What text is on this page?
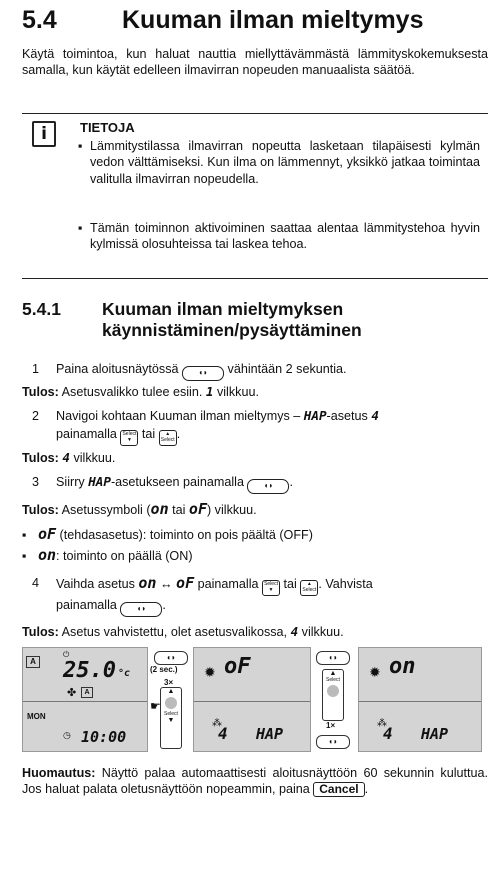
5.4	Kuuman ilman mieltymys
Käytä toimintoa, kun haluat nauttia miellyttävämmästä lämmityskokemuksesta samalla, kun käytät edelleen ilmavirran nopeuden manuaalista säätöä.
i	TIETOJA
▪ Lämmitystilassa ilmavirran nopeutta lasketaan tilapäisesti kylmän vedon välttämiseksi. Kun ilma on lämmennyt, yksikkö jatkaa toimintaa valitulla ilmavirran nopeudella.
▪ Tämän toiminnon aktivoiminen saattaa alentaa lämmitystehoa hyvin kylmissä olosuhteissa tai laskea tehoa.
5.4.1 Kuuman ilman mieltymyksen
käynnistäminen/pysäyttäminen
1 Paina aloitusnäytössä ◖◗ vähintään 2 sekuntia.
Tulos: Asetusvalikko tulee esiin. 1 vilkkuu.
2 Navigoi kohtaan Kuuman ilman mieltymys – HAP-asetus 4
painamalla Select
▼ tai ▲
Select .
Tulos: 4 vilkkuu.
3 Siirry HAP-asetukseen painamalla ◖◗ .
Tulos: Asetussymboli (on tai oF) vilkkuu.
▪ oF (tehdasasetus): toiminto on pois päältä (OFF)
▪ on: toiminto on päällä (ON)
4 Vaihda asetus on ↔ oF painamalla Select
▼ tai ▲
Select . Vahvista
painamalla ◖◗ .
Tulos: Asetus vahvistettu, olet asetusvalikossa, 4 vilkkuu.
A
⏻
25.0 °c
✤	A
MON
◷ 10:00
◖◗
(2 sec.)
3×
▲
Select
▼
☛
✹ oF
4
⁂
HAP
◖◗
▲
Select
1×
◖◗
✹ on
4
⁂
HAP
Huomautus: Näyttö palaa automaattisesti aloitusnäyttöön 60 sekunnin kuluttua. Jos haluat palata oletusnäyttöön nopeammin, paina Cancel .
